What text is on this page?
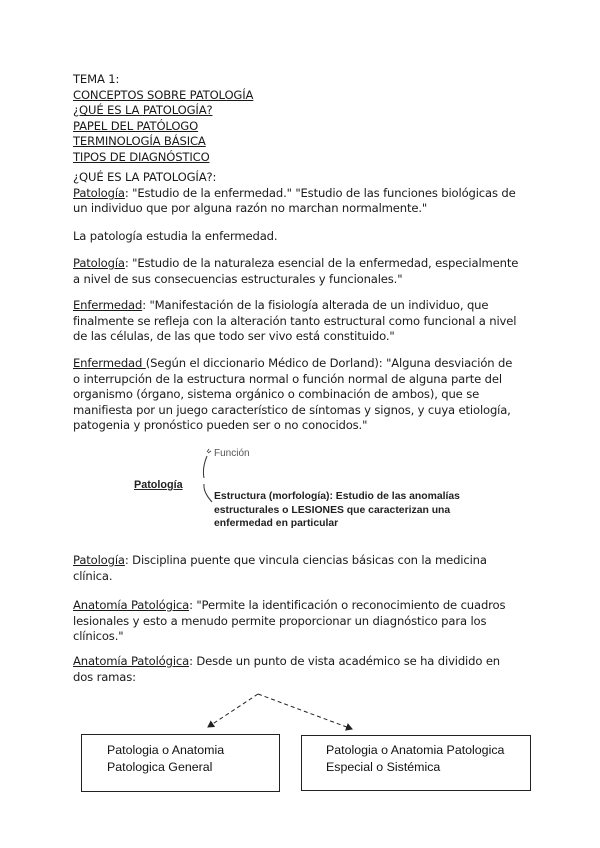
TEMA 1:
CONCEPTOS SOBRE PATOLOGÍA
¿QUÉ ES LA PATOLOGÍA?
PAPEL DEL PATÓLOGO
TERMINOLOGÍA BÁSICA
TIPOS DE DIAGNÓSTICO
¿QUÉ ES LA PATOLOGÍA?:
Patología: "Estudio de la enfermedad." "Estudio de las funciones biológicas de
un individuo que por alguna razón no marchan normalmente."
La patología estudia la enfermedad.
Patología: "Estudio de la naturaleza esencial de la enfermedad, especialmente
a nivel de sus consecuencias estructurales y funcionales."
Enfermedad: "Manifestación de la fisiología alterada de un individuo, que
finalmente se refleja con la alteración tanto estructural como funcional a nivel
de las células, de las que todo ser vivo está constituido."
Enfermedad (Según el diccionario Médico de Dorland): "Alguna desviación de
o interrupción de la estructura normal o función normal de alguna parte del
organismo (órgano, sistema orgánico o combinación de ambos), que se
manifiesta por un juego característico de síntomas y signos, y cuya etiología,
patogenia y pronóstico pueden ser o no conocidos."
Patología
Función
Estructura (morfología): Estudio de las anomalías
estructurales o LESIONES que caracterizan una
enfermedad en particular
Patología: Disciplina puente que vincula ciencias básicas con la medicina
clínica.
Anatomía Patológica: "Permite la identificación o reconocimiento de cuadros
lesionales y esto a menudo permite proporcionar un diagnóstico para los
clínicos."
Anatomía Patológica: Desde un punto de vista académico se ha dividido en
dos ramas:
Patologia o Anatomia
Patologica General
Patologia o Anatomia Patologica
Especial o Sistémica
